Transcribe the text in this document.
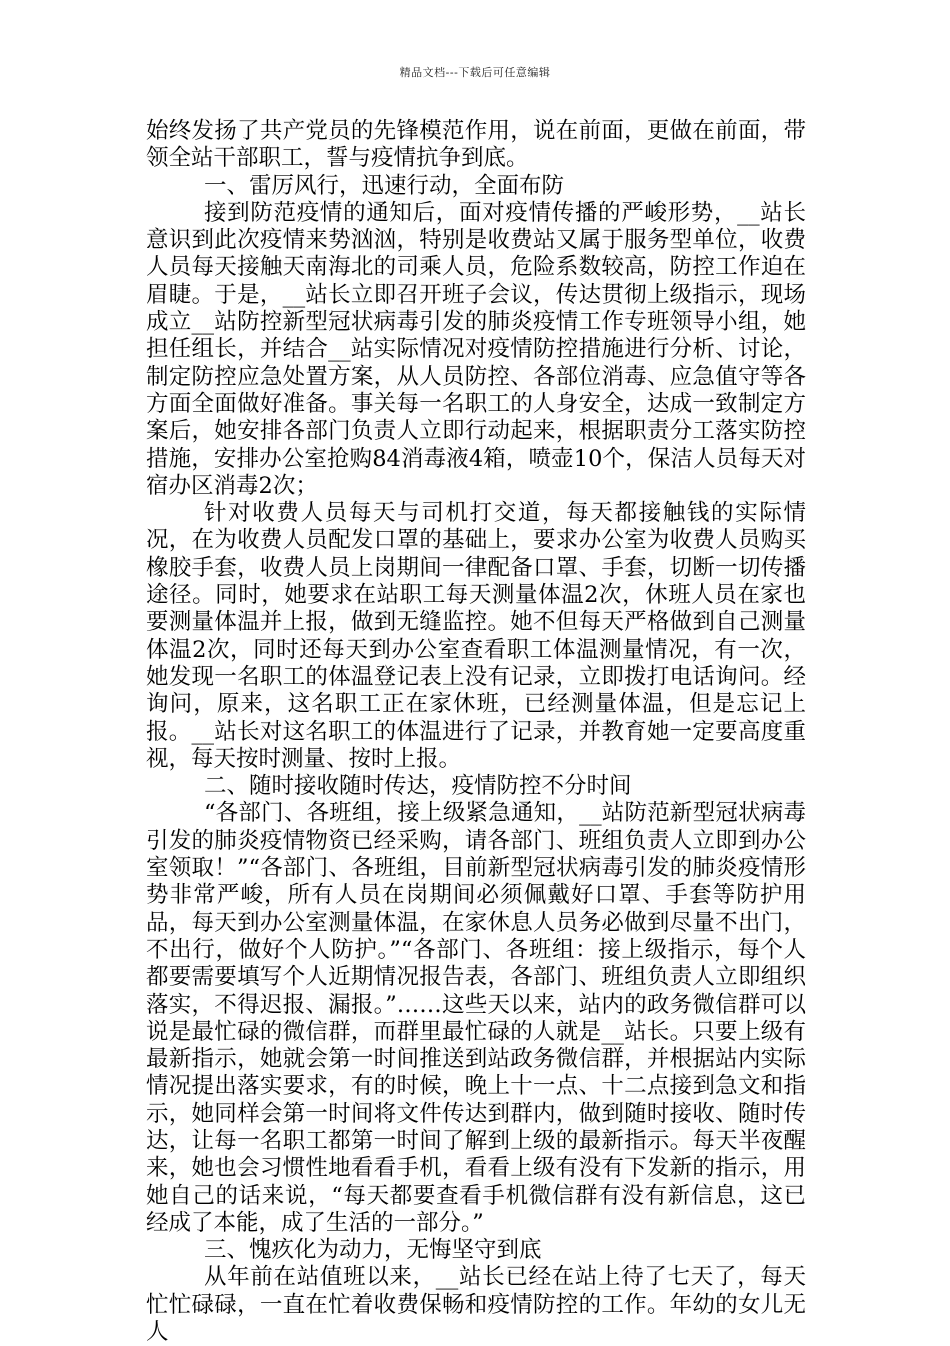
精品文档---下载后可任意编辑

始终发扬了共产党员的先锋模范作用，说在前面，更做在前面，带领全站干部职工，誓与疫情抗争到底。

一、雷厉风行，迅速行动，全面布防

接到防范疫情的通知后，面对疫情传播的严峻形势，__站长意识到此次疫情来势汹汹，特别是收费站又属于服务型单位，收费人员每天接触天南海北的司乘人员，危险系数较高，防控工作迫在眉睫。于是，__站长立即召开班子会议，传达贯彻上级指示，现场成立__站防控新型冠状病毒引发的肺炎疫情工作专班领导小组，她担任组长，并结合__站实际情况对疫情防控措施进行分析、讨论，制定防控应急处置方案，从人员防控、各部位消毒、应急值守等各方面全面做好准备。事关每一名职工的人身安全，达成一致制定方案后，她安排各部门负责人立即行动起来，根据职责分工落实防控措施，安排办公室抢购84消毒液4箱，喷壶10个，保洁人员每天对宿办区消毒2次；

针对收费人员每天与司机打交道，每天都接触钱的实际情况，在为收费人员配发口罩的基础上，要求办公室为收费人员购买橡胶手套，收费人员上岗期间一律配备口罩、手套，切断一切传播途径。同时，她要求在站职工每天测量体温2次，休班人员在家也要测量体温并上报，做到无缝监控。她不但每天严格做到自己测量体温2次，同时还每天到办公室查看职工体温测量情况，有一次，她发现一名职工的体温登记表上没有记录，立即拨打电话询问。经询问，原来，这名职工正在家休班，已经测量体温，但是忘记上报。__站长对这名职工的体温进行了记录，并教育她一定要高度重视，每天按时测量、按时上报。

二、随时接收随时传达，疫情防控不分时间

“各部门、各班组，接上级紧急通知，__站防范新型冠状病毒引发的肺炎疫情物资已经采购，请各部门、班组负责人立即到办公室领取！”“各部门、各班组，目前新型冠状病毒引发的肺炎疫情形势非常严峻，所有人员在岗期间必须佩戴好口罩、手套等防护用品，每天到办公室测量体温，在家休息人员务必做到尽量不出门，不出行，做好个人防护。”“各部门、各班组：接上级指示，每个人都要需要填写个人近期情况报告表，各部门、班组负责人立即组织落实，不得迟报、漏报。”……这些天以来，站内的政务微信群可以说是最忙碌的微信群，而群里最忙碌的人就是__站长。只要上级有最新指示，她就会第一时间推送到站政务微信群，并根据站内实际情况提出落实要求，有的时候，晚上十一点、十二点接到急文和指示，她同样会第一时间将文件传达到群内，做到随时接收、随时传达，让每一名职工都第一时间了解到上级的最新指示。每天半夜醒来，她也会习惯性地看看手机，看看上级有没有下发新的指示，用她自己的话来说，“每天都要查看手机微信群有没有新信息，这已经成了本能，成了生活的一部分。”

三、愧疚化为动力，无悔坚守到底

从年前在站值班以来，__站长已经在站上待了七天了，每天忙忙碌碌，一直在忙着收费保畅和疫情防控的工作。年幼的女儿无人
